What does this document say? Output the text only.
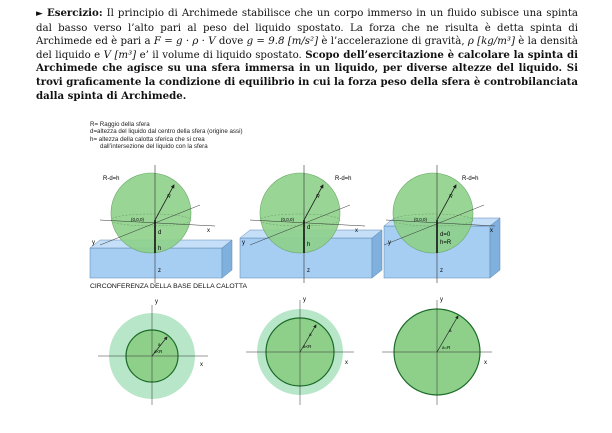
► Esercizio: Il principio di Archimede stabilisce che un corpo immerso in un fluido subisce una spinta dal basso verso l’alto pari al peso del liquido spostato. La forza che ne risulta è detta spinta di Archimede ed è pari a F = g · ρ · V dove g = 9.8 [m/s²] è l’accelerazione di gravità, ρ [kg/m³] è la densità del liquido e V [m³] e’ il volume di liquido spostato. Scopo dell’esercitazione è calcolare la spinta di Archimede che agisce su una sfera immersa in un liquido, per diverse altezze del liquido. Si trovi graficamente la condizione di equilibrio in cui la forza peso della sfera è controbilanciata dalla spinta di Archimede.
R= Raggio della sfera
d=altezza del liquido dal centro della sfera (origine assi)
h= altezza della calotta sferica che si crea
dall’intersezione del liquido con la sfera
R-d=h
(0,0,0)
R
d
h
x
y
z
R-d=h
(0,0,0)
R
d
h
x
y
z
R-d=h
(0,0,0)
R
d=0
h=R
x
y
z
y
x
a
a<R
y
x
a
a<R
y
x
a
a=R
CIRCONFERENZA DELLA BASE DELLA CALOTTA
